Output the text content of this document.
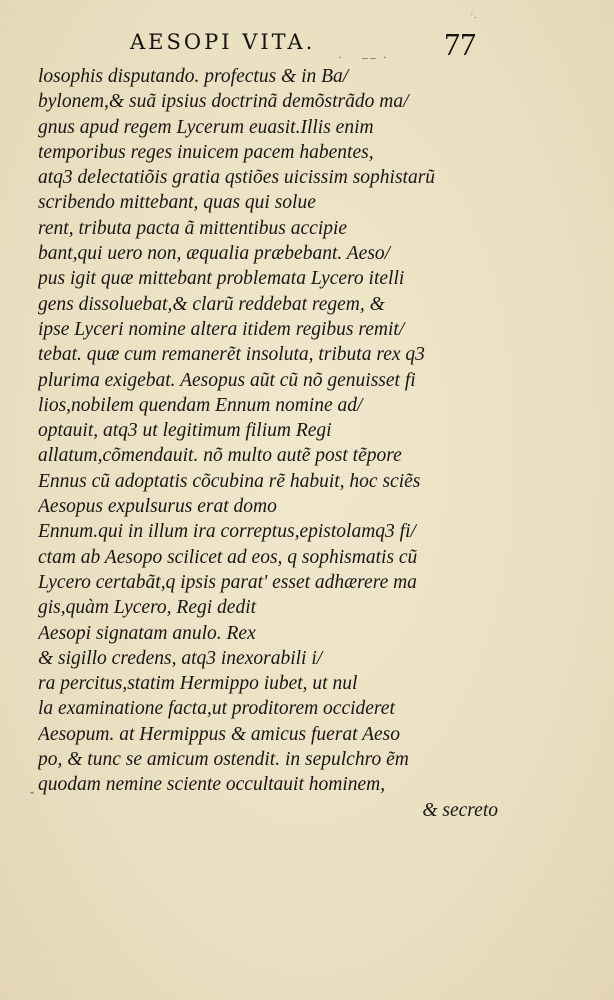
AESOPI VITA.	77
· –– ·
´·
ˇ
losophis disputando. profectus & in Ba/
bylonem,& suã ipsius doctrinã demõstrãdo ma/
gnus apud regem Lycerum euasit.Illis enim
temporibus reges inuicem pacem habentes,
atq3 delectatiõis gratia qstiões uicissim sophistarũ
scribendo mittebant, quas qui solue
rent, tributa pacta ã mittentibus accipie
bant,qui uero non, æqualia præbebant. Aeso/
pus igit quæ mittebant problemata Lycero itelli
gens dissoluebat,& clarũ reddebat regem, &
ipse Lyceri nomine altera itidem regibus remit/
tebat. quæ cum remanerẽt insoluta, tributa rex q3
plurima exigebat. Aesopus aũt cũ nõ genuisset fi
lios,nobilem quendam Ennum nomine ad/
optauit, atq3 ut legitimum filium Regi
allatum,cõmendauit. nõ multo autẽ post tẽpore
Ennus cũ adoptatis cõcubina rẽ habuit, hoc sciẽs
Aesopus expulsurus erat domo
Ennum.qui in illum ira correptus,epistolamq3 fi/
ctam ab Aesopo scilicet ad eos, q sophismatis cũ
Lycero certabãt,q ipsis parat' esset adhærere ma
gis,quàm Lycero, Regi dedit
Aesopi signatam anulo. Rex
& sigillo credens, atq3 inexorabili i/
ra percitus,statim Hermippo iubet, ut nul
la examinatione facta,ut proditorem occideret
Aesopum. at Hermippus & amicus fuerat Aeso
po, & tunc se amicum ostendit. in sepulchro ẽm
quodam nemine sciente occultauit hominem,
& secreto
